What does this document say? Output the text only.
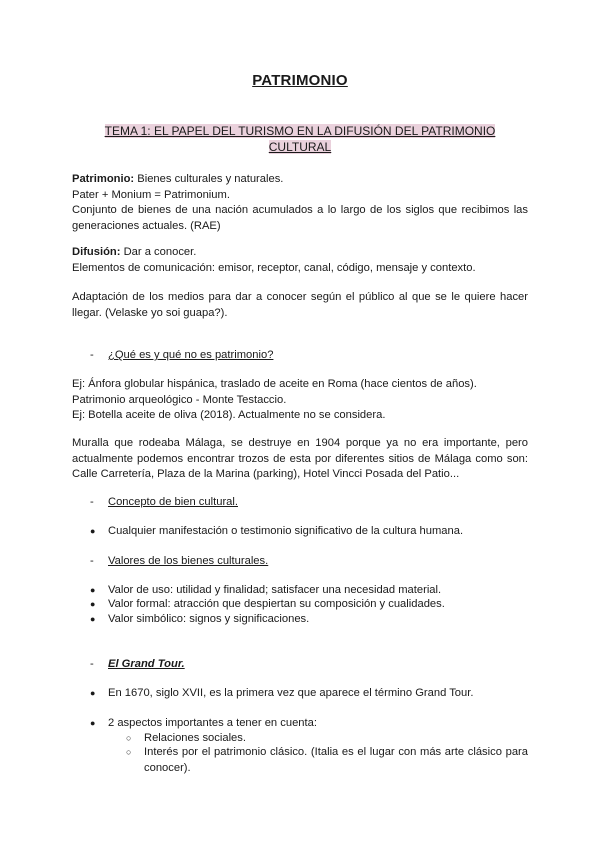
PATRIMONIO
TEMA 1: EL PAPEL DEL TURISMO EN LA DIFUSIÓN DEL PATRIMONIO CULTURAL

Patrimonio: Bienes culturales y naturales.

Pater + Monium = Patrimonium.

Conjunto de bienes de una nación acumulados a lo largo de los siglos que recibimos las generaciones actuales. (RAE)

Difusión: Dar a conocer.

Elementos de comunicación: emisor, receptor, canal, código, mensaje y contexto.

Adaptación de los medios para dar a conocer según el público al que se le quiere hacer llegar. (Velaske yo soi guapa?).
- ¿Qué es y qué no es patrimonio?

Ej: Ánfora globular hispánica, traslado de aceite en Roma (hace cientos de años).

Patrimonio arqueológico - Monte Testaccio.

Ej: Botella aceite de oliva (2018). Actualmente no se considera.

Muralla que rodeaba Málaga, se destruye en 1904 porque ya no era importante, pero actualmente podemos encontrar trozos de esta por diferentes sitios de Málaga como son: Calle Carretería, Plaza de la Marina (parking), Hotel Vincci Posada del Patio...
- Concepto de bien cultural.
● Cualquier manifestación o testimonio significativo de la cultura humana.
- Valores de los bienes culturales.
● Valor de uso: utilidad y finalidad; satisfacer una necesidad material.
● Valor formal: atracción que despiertan su composición y cualidades.
● Valor simbólico: signos y significaciones.
- El Grand Tour.
● En 1670, siglo XVII, es la primera vez que aparece el término Grand Tour.
● 2 aspectos importantes a tener en cuenta:
○ Relaciones sociales.
○ Interés por el patrimonio clásico. (Italia es el lugar con más arte clásico para conocer).
